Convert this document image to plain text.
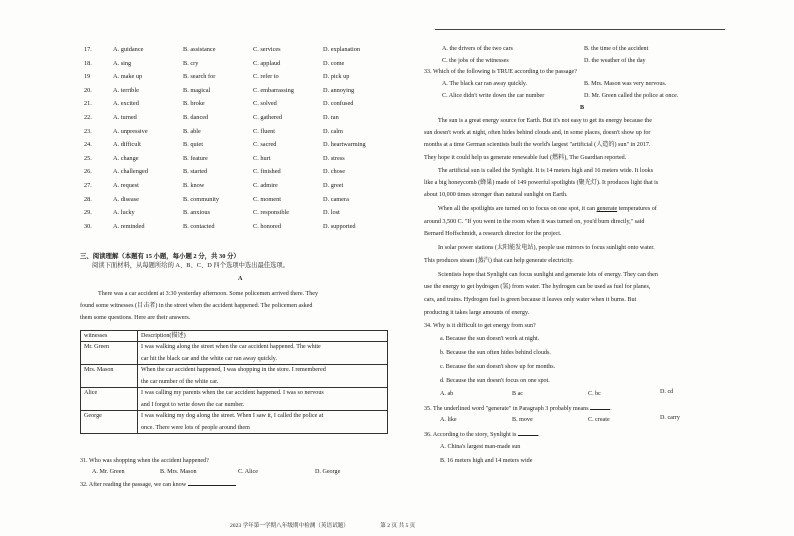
17.	A. guidance	B. assistance	C. services	D. explanation
18.	A. sing	B. cry	C. applaud	D. come
19	A. make up	B. search for	C. refer to	D. pick up
20.	A. terrible	B. magical	C. embarrassing	D. annoying
21.	A. excited	B. broke	C. solved	D. confused
22.	A. turned	B. danced	C. gathered	D. ran
23.	A. unpressive	B. able	C. fluent	D. calm
24.	A. difficult	B. quiet	C. sacred	D. heartwarming
25.	A. change	B. feature	C. hurt	D. stress
26.	A. challenged	B. started	C. finished	D. chose
27.	A. request	B. know	C. admire	D. greet
28.	A. disease	B. community	C. moment	D. camera
29.	A. lucky	B. anxious	C. responsible	D. lost
30.	A. reminded	B. contacted	C. honored	D. supported
三、阅读理解（本题有 15 小题，每小题 2 分，共 30 分）
阅读下面材料，从每题所给的 A、B、C、D 四个选项中选出最佳选项。
A
There was a car accident at 3:30 yesterday afternoon. Some policemen arrived there. They
found some witnesses (目击者) in the street when the accident happened. The policemen asked
them some questions. Here are their answers.
witnesses	Description(描述)
Mr. Green	I was walking along the street when the car accident happened. The white
car hit the black car and the white car ran away quickly.

Mrs. Mason	When the car accident happened, I was shopping in the store. I remembered
the car number of the white car.

Alice	I was calling my parents when the car accident happened. I was so nervous
and I forgot to write down the car number.

George	I was walking my dog along the street. When I saw it, I called the police at
once. There were lots of people around them
31. Who was shopping when the accident happened?
A. Mr. Green	B. Mrs. Mason	C. Alice	D. George
32. After reading the passage, we can know
A. the drivers of the two cars	B. the time of the accident
C. the jobs of the witnesses	D. the weather of the day
33. Which of the following is TRUE according to the passage?
A. The black car ran away quickly.	B. Mrs. Mason was very nervous.
C. Alice didn't write down the car number	D. Mr. Green called the police at once.
B
The sun is a great energy source for Earth. But it's not easy to get its energy because the
sun doesn't work at night, often hides behind clouds and, in some places, doesn't show up for
months at a time German scientists built the world's largest "artificial (人造的) sun" in 2017.
They hope it could help us generate renewable fuel (燃料), The Guardian reported.
The artificial sun is called the Synlight. It is 14 meters high and 16 meters wide. It looks
like a big honeycomb (蜂巢) made of 149 powerful spotlights (聚光灯). It produces light that is
about 10,000 times stronger than natural sunlight on Earth.
When all the spotlights are turned on to focus on one spot, it can generate temperatures of
around 3,500 C. "If you went in the room when it was turned on, you'd burn directly," said
Bernard Hoffschmidt, a research director for the project.
In solar power stations (太阳能发电站), people use mirrors to focus sunlight onto water.
This produces steam (蒸汽) that can help generate electricity.
Scientists hope that Synlight can focus sunlight and generate lots of energy. They can then
use the energy to get hydrogen (氢) from water. The hydrogen can be used as fuel for planes,
cars, and trains. Hydrogen fuel is green because it leaves only water when it burns. But
producing it takes large amounts of energy.
34. Why is it difficult to get energy from sun?
a. Because the sun doesn't work at night.
b. Because the sun often hides behind clouds.
c. Because the sun doesn't show up for months.
d. Because the sun doesn't focus on one spot.
A. ab	B ac	C. bc	D. cd
35. The underlined word "generate" in Paragraph 3 probably means	.
A. like	B. move	C. create	D. carry
36. According to the story, Synlight is	.
A. China's largest man-made sun
B. 16 meters high and 14 meters wide
2023 学年第一学期八年级期中检测（英语试题）	第 2 页 共 5 页
